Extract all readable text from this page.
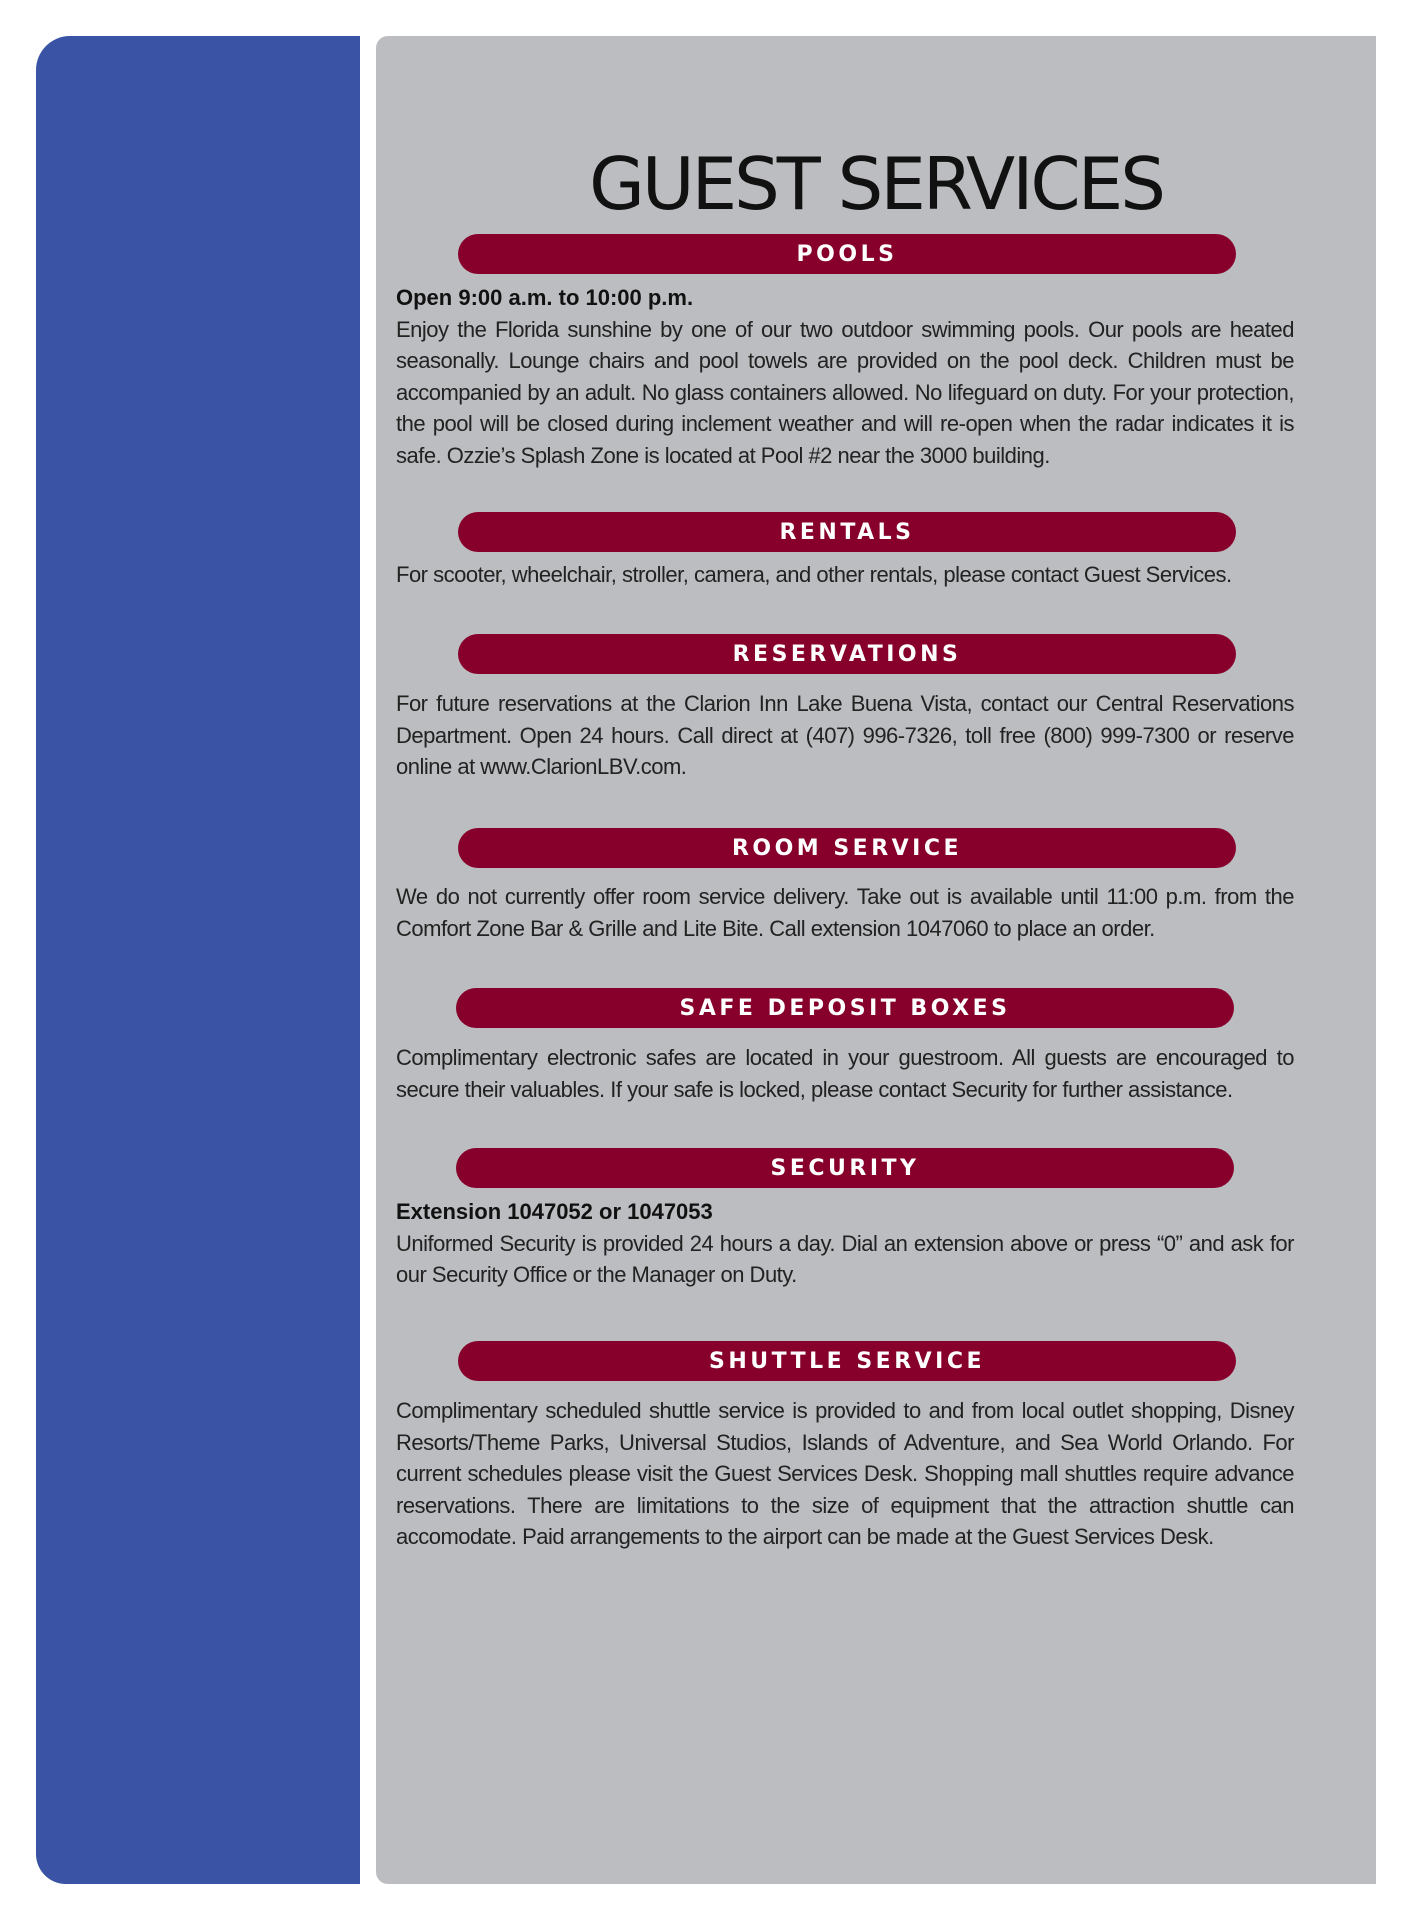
GUEST SERVICES
POOLS
Open 9:00 a.m. to 10:00 p.m.

Enjoy the Florida sunshine by one of our two outdoor swimming pools. Our pools are heated seasonally. Lounge chairs and pool towels are provided on the pool deck. Children must be accompanied by an adult. No glass containers allowed. No lifeguard on duty. For your protection, the pool will be closed during inclement weather and will re-open when the radar indicates it is safe. Ozzie’s Splash Zone is located at Pool #2 near the 3000 building.

RENTALS

For scooter, wheelchair, stroller, camera, and other rentals, please contact Guest Services.

RESERVATIONS

For future reservations at the Clarion Inn Lake Buena Vista, contact our Central Reservations Department. Open 24 hours. Call direct at (407) 996-7326, toll free (800) 999-7300 or reserve online at www.ClarionLBV.com.

ROOM SERVICE

We do not currently offer room service delivery. Take out is available until 11:00 p.m. from the Comfort Zone Bar & Grille and Lite Bite. Call extension 1047060 to place an order.

SAFE DEPOSIT BOXES

Complimentary electronic safes are located in your guestroom. All guests are encouraged to secure their valuables. If your safe is locked, please contact Security for further assistance.

SECURITY
Extension 1047052 or 1047053

Uniformed Security is provided 24 hours a day. Dial an extension above or press “0” and ask for our Security Office or the Manager on Duty.

SHUTTLE SERVICE

Complimentary scheduled shuttle service is provided to and from local outlet shopping, Disney Resorts/Theme Parks, Universal Studios, Islands of Adventure, and Sea World Orlando. For current schedules please visit the Guest Services Desk. Shopping mall shuttles require advance reservations. There are limitations to the size of equipment that the attraction shuttle can accomodate. Paid arrangements to the airport can be made at the Guest Services Desk.
